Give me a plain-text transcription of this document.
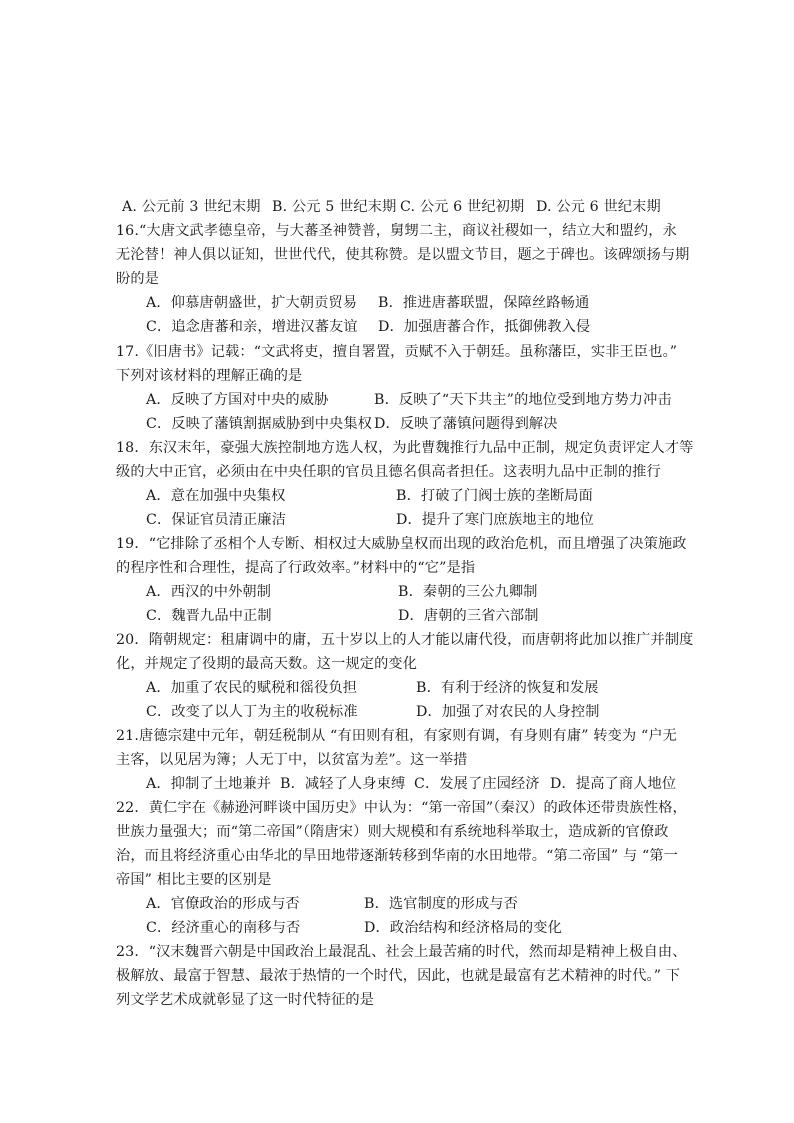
A. 公元前 3 世纪末期 B. 公元 5 世纪末期 C. 公元 6 世纪初期 D. 公元 6 世纪末期
16.“大唐文武孝德皇帝，与大蕃圣神赞普，舅甥二主，商议社稷如一，结立大和盟约，永
无沦替！神人俱以证知，世世代代，使其称赞。是以盟文节目，题之于碑也。该碑颂扬与期
盼的是
A．仰慕唐朝盛世，扩大朝贡贸易 B．推进唐蕃联盟，保障丝路畅通
C．追念唐蕃和亲，增进汉蕃友谊 D．加强唐蕃合作，抵御佛教入侵
17.《旧唐书》记载：“文武将吏，擅自署置，贡赋不入于朝廷。虽称藩臣，实非王臣也。”
下列对该材料的理解正确的是
A．反映了方国对中央的威胁	B．反映了“天下共主”的地位受到地方势力冲击
C．反映了藩镇割据威胁到中央集权 D．反映了藩镇问题得到解决
18．东汉末年，豪强大族控制地方选人权，为此曹魏推行九品中正制，规定负责评定人才等
级的大中正官，必须由在中央任职的官员且德名俱高者担任。这表明九品中正制的推行
A．意在加强中央集权	B．打破了门阀士族的垄断局面
C．保证官员清正廉洁	D．提升了寒门庶族地主的地位
19．“它排除了丞相个人专断、相权过大威胁皇权而出现的政治危机，而且增强了决策施政
的程序性和合理性，提高了行政效率。”材料中的“它”是指
A．西汉的中外朝制	B．秦朝的三公九卿制
C．魏晋九品中正制	D．唐朝的三省六部制
20．隋朝规定：租庸调中的庸，五十岁以上的人才能以庸代役，而唐朝将此加以推广并制度
化，并规定了役期的最高天数。这一规定的变化
A．加重了农民的赋税和徭役负担	B．有利于经济的恢复和发展
C．改变了以人丁为主的收税标准	D．加强了对农民的人身控制
21.唐德宗建中元年，朝廷税制从 “有田则有租，有家则有调，有身则有庸” 转变为 “户无
主客，以见居为簿；人无丁中，以贫富为差”。这一举措
A．抑制了土地兼并 B．减轻了人身束缚 C．发展了庄园经济 D．提高了商人地位
22．黄仁宇在《赫逊河畔谈中国历史》中认为：“第一帝国”（秦汉）的政体还带贵族性格，
世族力量强大；而“第二帝国”（隋唐宋）则大规模和有系统地科举取士，造成新的官僚政
治，而且将经济重心由华北的旱田地带逐渐转移到华南的水田地带。“第二帝国” 与 “第一
帝国” 相比主要的区别是
A．官僚政治的形成与否	B．选官制度的形成与否
C．经济重心的南移与否	D．政治结构和经济格局的变化
23．“汉末魏晋六朝是中国政治上最混乱、社会上最苦痛的时代，然而却是精神上极自由、
极解放、最富于智慧、最浓于热情的一个时代，因此，也就是最富有艺术精神的时代。” 下
列文学艺术成就彰显了这一时代特征的是
